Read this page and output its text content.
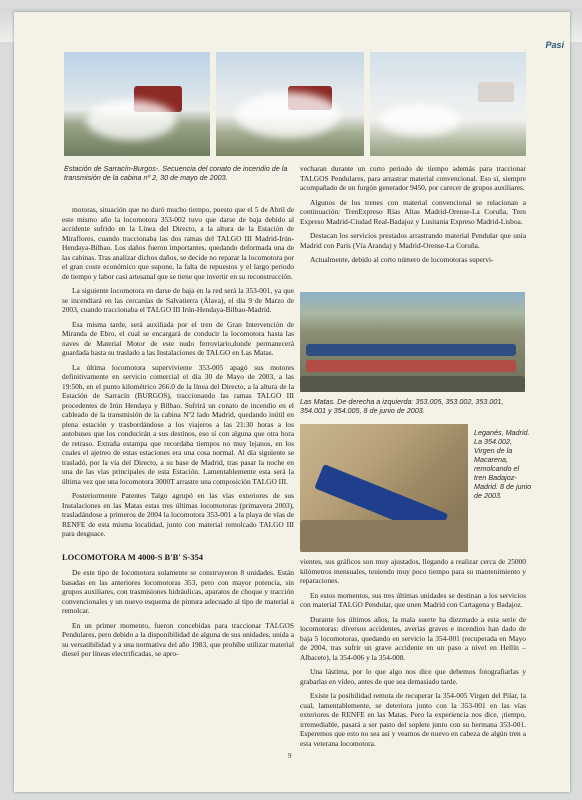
Pasi
Estación de Sarracín-Burgos-. Secuencia del conato de incendio de la transmisión de la cabina nº 2, 30 de mayo de 2003.
Las Matas. De derecha a izquierda: 353.005, 353.002, 353.001, 354.001 y 354.005, 8 de junio de 2003.
Leganés, Madrid. La 354.002, Virgen de la Macarena, remolcando el tren Badajoz- Madrid. 8 de junio de 2003.

motoras, situación que no duró mucho tiempo, puesto que el 5 de Abril de este mismo año la locomotora 353-002 tuvo que darse de baja debido al accidente sufrido en la Línea del Directo, a la altura de la Estación de Miraflores, cuando traccionaba las dos ramas del TALGO III Madrid-Irún-Hendaya-Bilbao. Los daños fueron importantes, quedando deformada una de las cabinas. Tras analizar dichos daños, se decide no reparar la locomotora por el gran coste económico que supone, la falta de repuestos y el largo periodo de tiempo y labor casi artesanal que se tiene que invertir en su reconstrucción.

La siguiente locomotora en darse de baja en la red será la 353-001, ya que se incendiará en las cercanías de Salvatierra (Álava), el día 9 de Marzo de 2003, cuando traccionaba el TALGO III Irún-Hendaya-Bilbao-Madrid.

Esa misma tarde, será auxiliada por el tren de Gran Intervención de Miranda de Ebro, el cual se encargará de conducir la locomotora hasta las naves de Material Motor de este nudo ferroviario,donde permanecerá guardada hasta su traslado a las Instalaciones de TALGO en Las Matas.

La última locomotora superviviente 353-005 apagó sus motores definitivamente en servicio comercial el día 30 de Mayo de 2003, a las 19:50h, en el punto kilométrico 266.0 de la línea del Directo, a la altura de la Estación de Sarracín (BURGOS), traccionando las ramas TALGO III procedentes de Irún Hendaya y Bilbao. Sufrirá un conato de incendio en el cableado de la transmisión de la cabina Nº2 lado Madrid, quedando inútil en plena estación y trasbordándose a los viajeros a las 21:30 horas a los autobuses que los conducirán a sus destinos, eso sí con alguna que otra hora de retraso. Extraña estampa que recordaba tiempos no muy lejanos, en los cuales el ajetreo de estas estaciones era una cosa normal. Al día siguiente se trasladó, por la vía del Directo, a su base de Madrid, tras pasar la noche en una de las vías principales de esta Estación. Lamentablemente esta será la última vez que una locomotora 3000T arrastre una composición TALGO III.

Posteriormente Patentes Talgo agrupó en las vías exteriores de sus Instalaciones en las Matas estas tres últimas locomotoras (primavera 2003), trasladándose a primeros de 2004 la locomotora 353-001 a la playa de vías de RENFE de esta misma localidad, junto con material remolcado TALGO III para desguace.

LOCOMOTORA M 4000-S B'B' S-354

De este tipo de locomotora solamente se construyeron 8 unidades. Están basadas en las anteriores locomotoras 353, pero con mayor potencia, sin grupos auxiliares, con trasmisiones hidráulicas, aparatos de choque y tracción convencionales y un nuevo esquema de pintura adecuado al tipo de material a remolcar.

En un primer momento, fueron concebidas para traccionar TALGOS Pendulares, pero debido a la disponibilidad de alguna de sus unidades, unida a su versatibilidad y a una normativa del año 1983, que prohíbe utilizar material diesel por líneas electrificadas, se apro-

vecharan durante un corto periodo de tiempo además para traccionar TALGOS Pendulares, para arrastrar material convencional. Eso sí, siempre acompañado de un furgón generador 9450, por carecer de grupos auxiliares.

Algunos de los trenes con material convencional se relacionan a continuación: TrenExpreso Rías Altas Madrid-Orense-La Coruña, Tren Expreso Madrid-Ciudad Real-Badajoz y Lusitania Expreso Madrid-Lisboa.

Destacan los servicios prestados arrastrando material Pendular que unía Madrid con París (Vía Aranda) y Madrid-Orense-La Coruña.

Actualmente, debido al corto número de locomotoras supervi-

vientes, sus gráficos son muy ajustados, llegando a realizar cerca de 25000 kilómetros mensuales, teniendo muy poco tiempo para su mantenimiento y reparaciones.

En estos momentos, sus tres últimas unidades se destinan a los servicios con material TALGO Pendular, que unen Madrid con Cartagena y Badajoz.

Durante los últimos años, la mala suerte ha diezmado a esta serie de locomotoras: diversos accidentes, averías graves e incendios han dado de baja 5 locomotoras, quedando en servicio la 354-001 (recuperada en Mayo de 2004, tras sufrir un grave accidente en un paso a nivel en Hellín – Albacete), la 354-006 y la 354-008.

Una lástima, por lo que algo nos dice que debemos fotografiarlas y grabarlas en vídeo, antes de que sea demasiado tarde.

Existe la posibilidad remota de recuperar la 354-005 Virgen del Pilar, la cual, lamentablemente, se deteriora junto con la 353-001 en las vías exteriores de RENFE en las Matas. Pero la experiencia nos dice, ¡tiempo, irremediable, pasará a ser pasto del soplete junto con su hermana 353-001. Esperemos que esto no sea así y veamos de nuevo en cabeza de algún tren a esta veterana locomotora.

9
